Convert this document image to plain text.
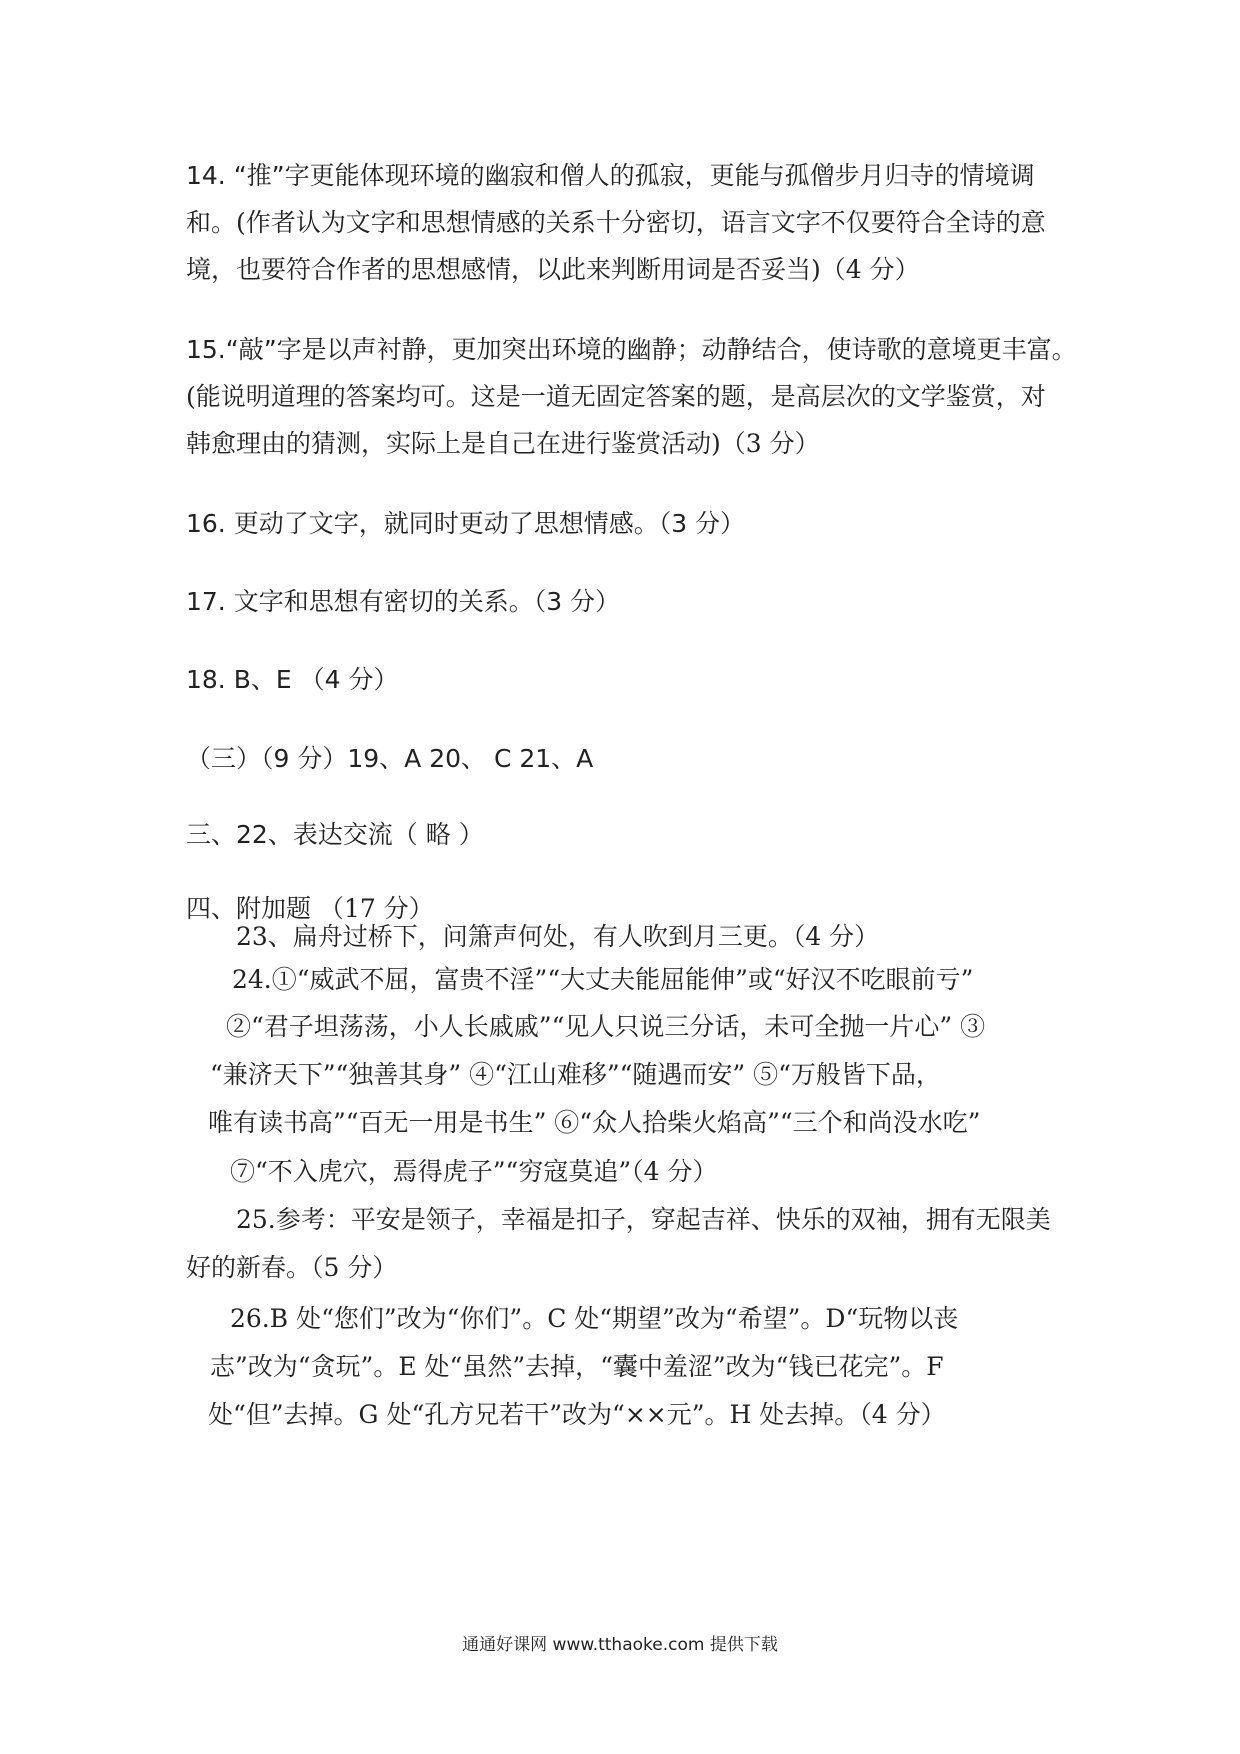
14. “推”字更能体现环境的幽寂和僧人的孤寂，更能与孤僧步月归寺的情境调
和。(作者认为文字和思想情感的关系十分密切，语言文字不仅要符合全诗的意
境，也要符合作者的思想感情，以此来判断用词是否妥当)（4 分）
15.“敲”字是以声衬静，更加突出环境的幽静；动静结合，使诗歌的意境更丰富。
(能说明道理的答案均可。这是一道无固定答案的题，是高层次的文学鉴赏，对
韩愈理由的猜测，实际上是自己在进行鉴赏活动)（3 分）
16. 更动了文字，就同时更动了思想情感。（3 分）
17. 文字和思想有密切的关系。（3 分）
18. B、E （4 分）
（三）（9 分）19、A 20、 C 21、A
三、22、表达交流（ 略 ）
四、附加题 （17 分）
23、扁舟过桥下，问箫声何处，有人吹到月三更。（4 分）
24.①“威武不屈，富贵不淫”“大丈夫能屈能伸”或“好汉不吃眼前亏”
②“君子坦荡荡，小人长戚戚”“见人只说三分话，未可全抛一片心” ③
“兼济天下”“独善其身” ④“江山难移”“随遇而安” ⑤“万般皆下品，
唯有读书高”“百无一用是书生” ⑥“众人拾柴火焰高”“三个和尚没水吃”
⑦“不入虎穴，焉得虎子”“穷寇莫追”（4 分）
25.参考：平安是领子，幸福是扣子，穿起吉祥、快乐的双袖，拥有无限美
好的新春。（5 分）
26.B 处“您们”改为“你们”。C 处“期望”改为“希望”。D“玩物以丧
志”改为“贪玩”。E 处“虽然”去掉，“囊中羞涩”改为“钱已花完”。F
处“但”去掉。G 处“孔方兄若干”改为“××元”。H 处去掉。（4 分）
通通好课网 www.tthaoke.com 提供下载
